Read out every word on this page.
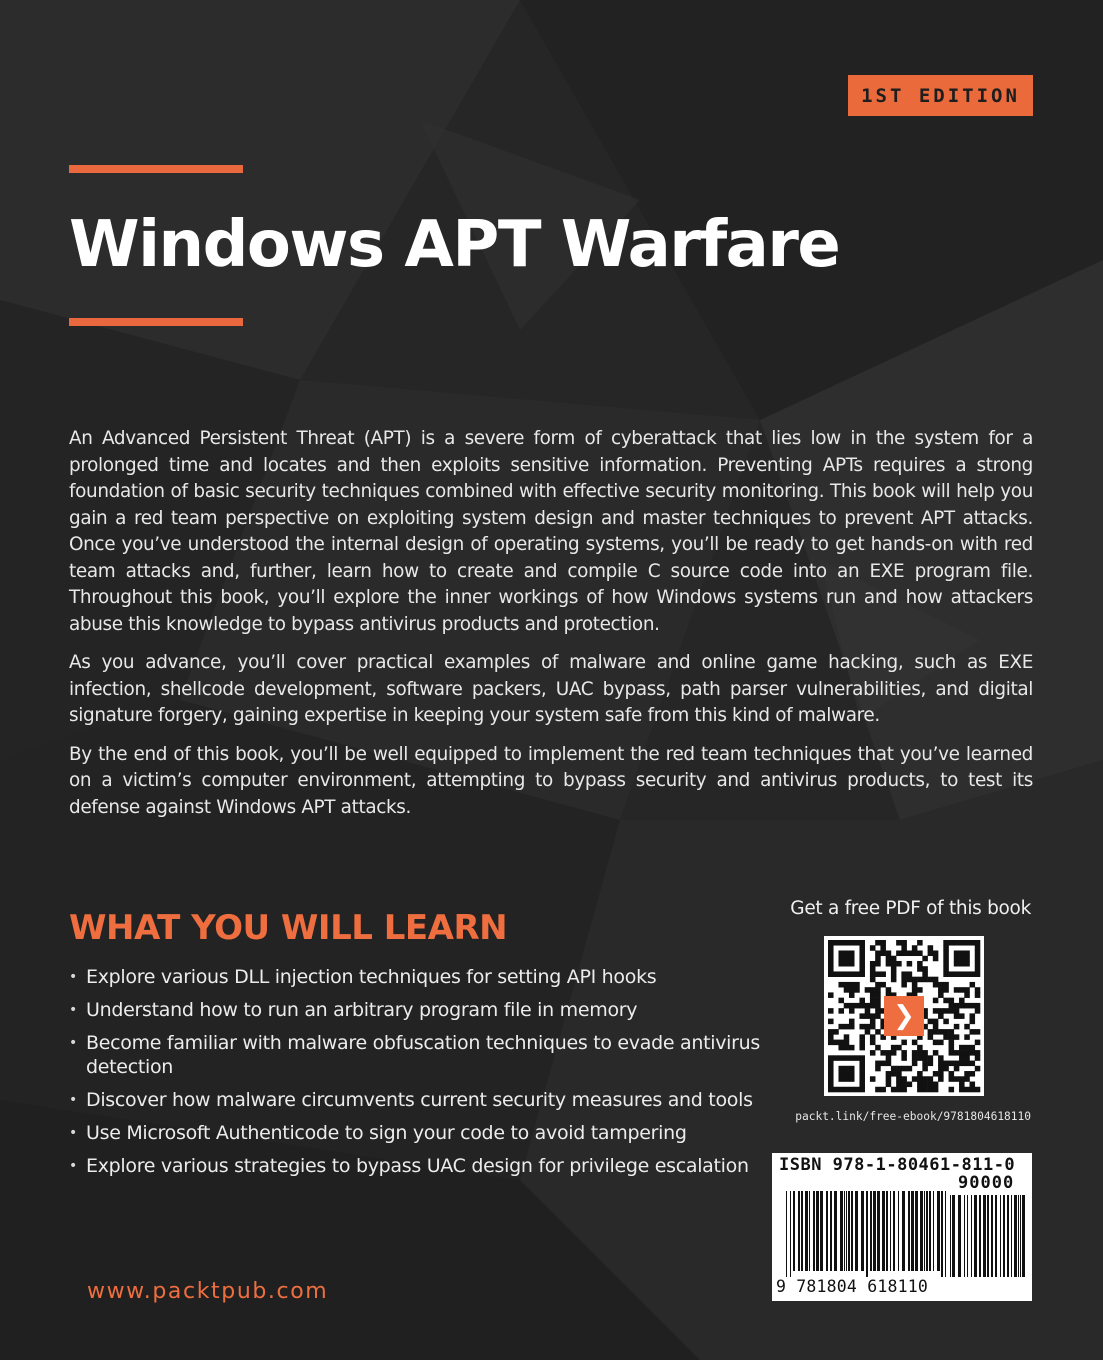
1ST EDITION
Windows APT Warfare

An Advanced Persistent Threat (APT) is a severe form of cyberattack that lies low in the system for a prolonged time and locates and then exploits sensitive information. Preventing APTs requires a strong foundation of basic security techniques combined with effective security monitoring. This book will help you gain a red team perspective on exploiting system design and master techniques to prevent APT attacks. Once you’ve understood the internal design of operating systems, you’ll be ready to get hands-on with red team attacks and, further, learn how to create and compile C source code into an EXE program file. Throughout this book, you’ll explore the inner workings of how Windows systems run and how attackers abuse this knowledge to bypass antivirus products and protection.

As you advance, you’ll cover practical examples of malware and online game hacking, such as EXE infection, shellcode development, software packers, UAC bypass, path parser vulnerabilities, and digital signature forgery, gaining expertise in keeping your system safe from this kind of malware.

By the end of this book, you’ll be well equipped to implement the red team techniques that you’ve learned on a victim’s computer environment, attempting to bypass security and antivirus products, to test its defense against Windows APT attacks.

WHAT YOU WILL LEARN
• Explore various DLL injection techniques for setting API hooks
• Understand how to run an arbitrary program file in memory
• Become familiar with malware obfuscation techniques to evade antivirus detection
• Discover how malware circumvents current security measures and tools
• Use Microsoft Authenticode to sign your code to avoid tampering
• Explore various strategies to bypass UAC design for privilege escalation
www.packtpub.com
Get a free PDF of this book
❯
packt.link/free-ebook/9781804618110
ISBN 978-1-80461-811-0
90000
9 781804 618110
